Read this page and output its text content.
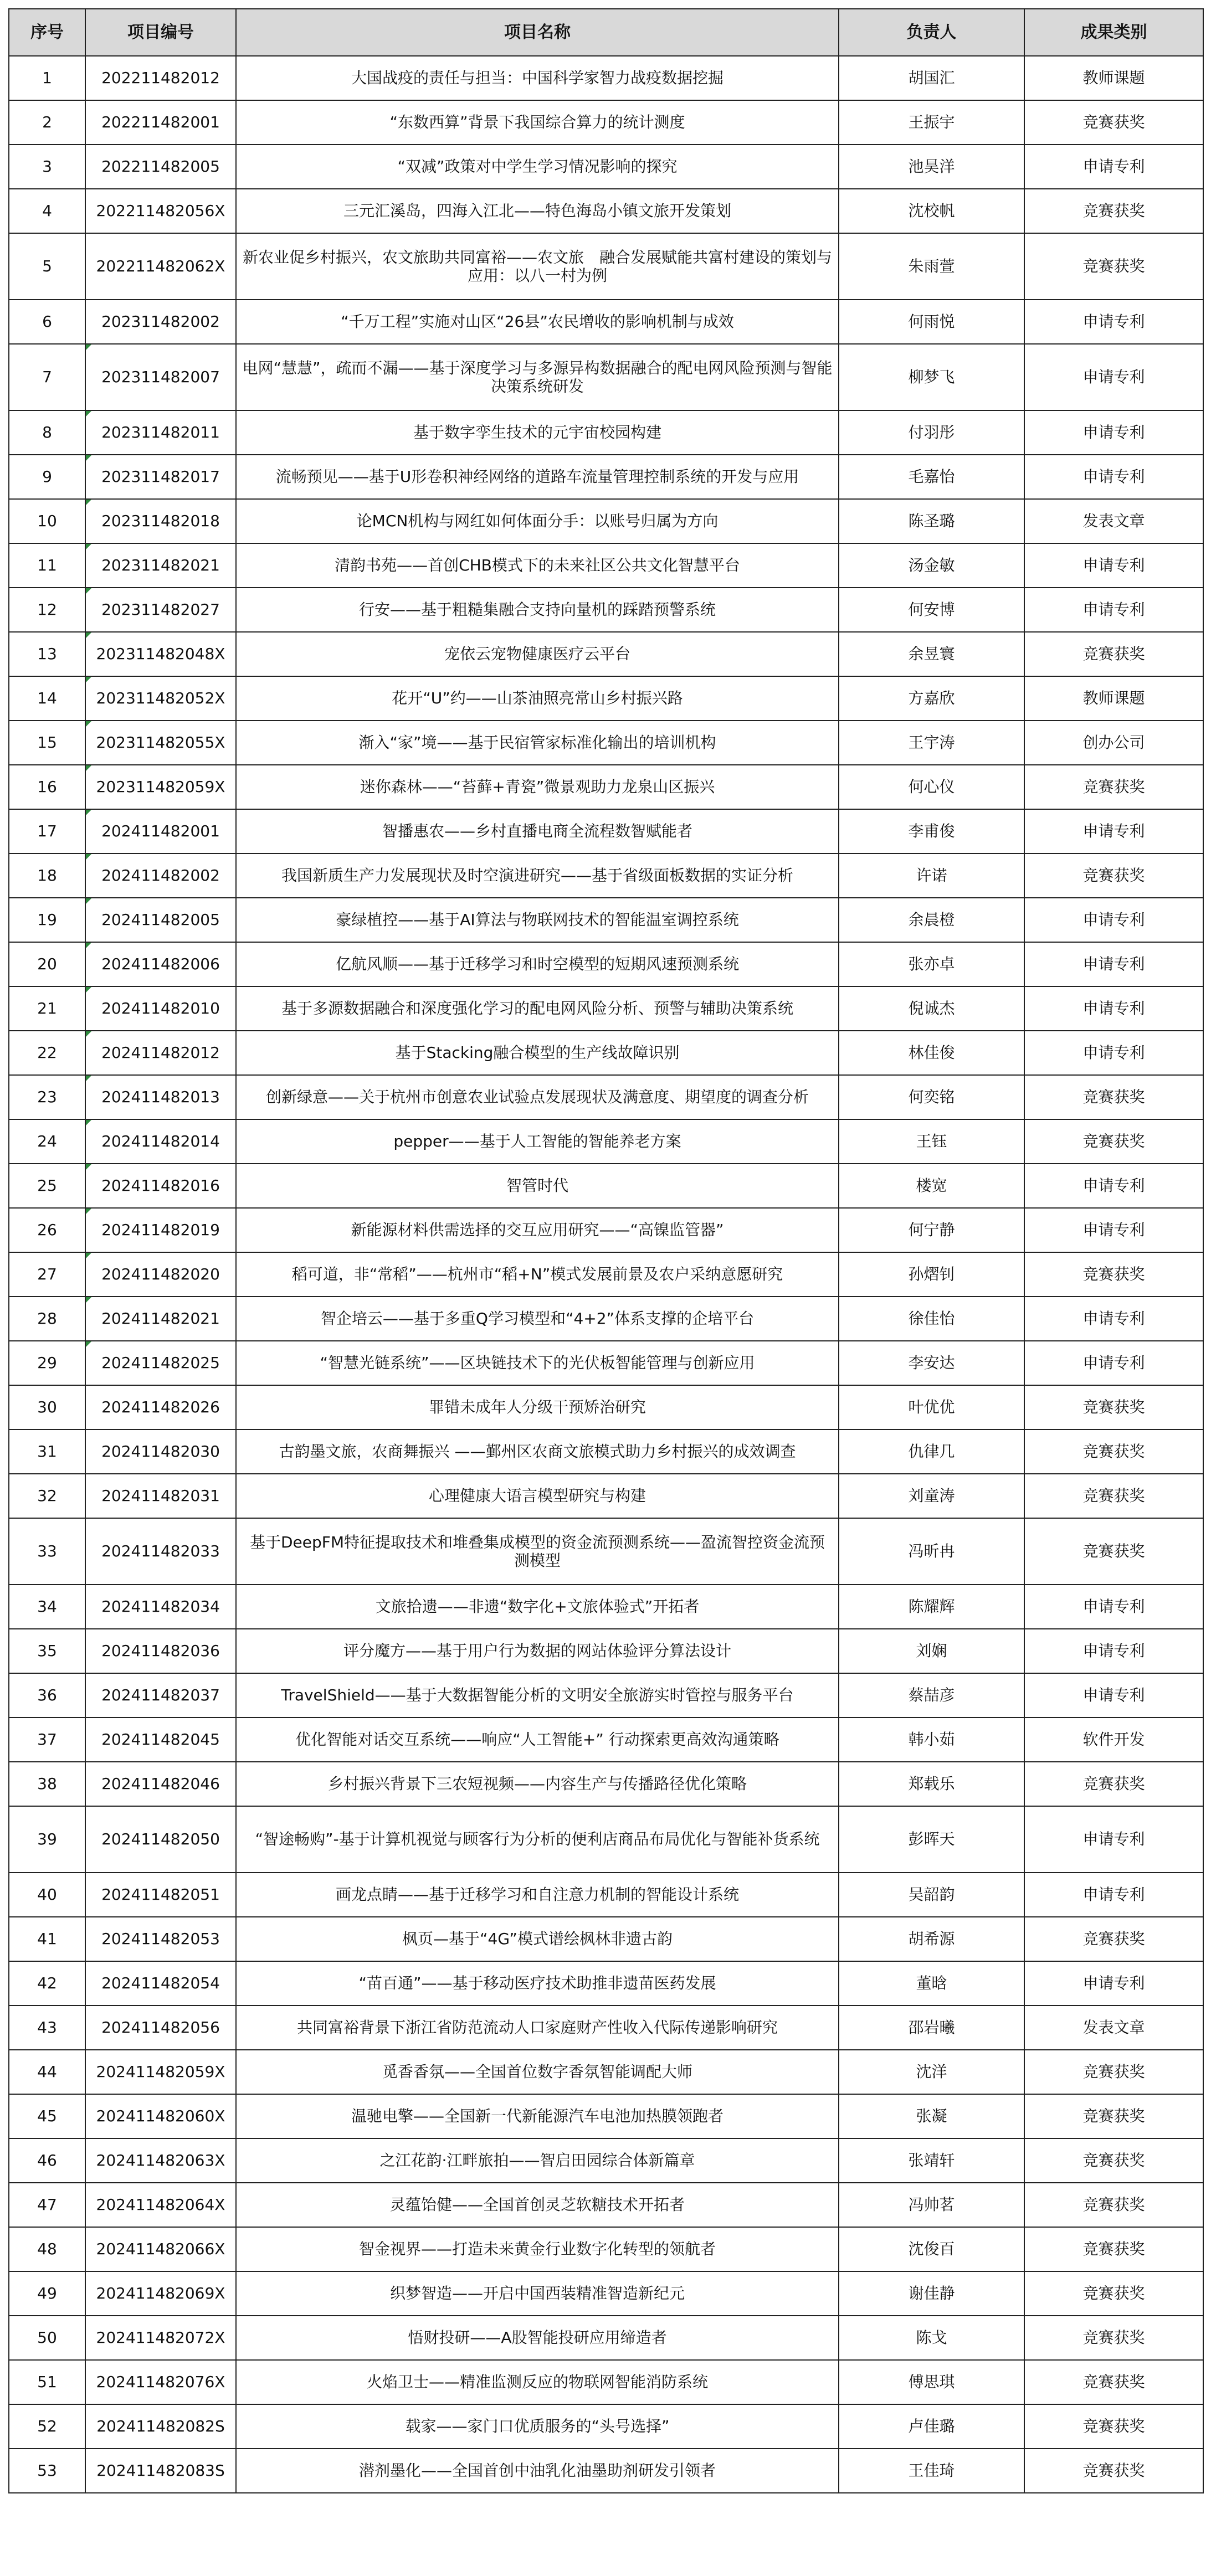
序号	项目编号	项目名称	负责人	成果类别
1	202211482012	大国战疫的责任与担当：中国科学家智力战疫数据挖掘	胡国汇	教师课题
2	202211482001	“东数西算”背景下我国综合算力的统计测度	王振宇	竞赛获奖
3	202211482005	“双减”政策对中学生学习情况影响的探究	池昊洋	申请专利
4	202211482056X	三元汇溪岛，四海入江北——特色海岛小镇文旅开发策划	沈校帆	竞赛获奖
5	202211482062X	新农业促乡村振兴，农文旅助共同富裕——农文旅　融合发展赋能共富村建设的策划与应用：以八一村为例	朱雨萱	竞赛获奖
6	202311482002	“千万工程”实施对山区“26县”农民增收的影响机制与成效	何雨悦	申请专利
7	202311482007	电网“慧慧”，疏而不漏——基于深度学习与多源异构数据融合的配电网风险预测与智能决策系统研发	柳梦飞	申请专利
8	202311482011	基于数字孪生技术的元宇宙校园构建	付羽彤	申请专利
9	202311482017	流畅预见——基于U形卷积神经网络的道路车流量管理控制系统的开发与应用	毛嘉怡	申请专利
10	202311482018	论MCN机构与网红如何体面分手：以账号归属为方向	陈圣璐	发表文章
11	202311482021	清韵书苑——首创CHB模式下的未来社区公共文化智慧平台	汤金敏	申请专利
12	202311482027	行安——基于粗糙集融合支持向量机的踩踏预警系统	何安博	申请专利
13	202311482048X	宠依云宠物健康医疗云平台	余昱寰	竞赛获奖
14	202311482052X	花开“U”约——山茶油照亮常山乡村振兴路	方嘉欣	教师课题
15	202311482055X	渐入“家”境——基于民宿管家标准化输出的培训机构	王宇涛	创办公司
16	202311482059X	迷你森林——“苔藓+青瓷”微景观助力龙泉山区振兴	何心仪	竞赛获奖
17	202411482001	智播惠农——乡村直播电商全流程数智赋能者	李甫俊	申请专利
18	202411482002	我国新质生产力发展现状及时空演进研究——基于省级面板数据的实证分析	许诺	竞赛获奖
19	202411482005	豪绿植控——基于AI算法与物联网技术的智能温室调控系统	余晨橙	申请专利
20	202411482006	亿航风顺——基于迁移学习和时空模型的短期风速预测系统	张亦卓	申请专利
21	202411482010	基于多源数据融合和深度强化学习的配电网风险分析、预警与辅助决策系统	倪诚杰	申请专利
22	202411482012	基于Stacking融合模型的生产线故障识别	林佳俊	申请专利
23	202411482013	创新绿意——关于杭州市创意农业试验点发展现状及满意度、期望度的调查分析	何奕铭	竞赛获奖
24	202411482014	pepper——基于人工智能的智能养老方案	王钰	竞赛获奖
25	202411482016	智管时代	楼宽	申请专利
26	202411482019	新能源材料供需选择的交互应用研究——“高镍监管器”	何宁静	申请专利
27	202411482020	稻可道，非“常稻”——杭州市“稻+N”模式发展前景及农户采纳意愿研究	孙熠钊	竞赛获奖
28	202411482021	智企培云——基于多重Q学习模型和“4+2”体系支撑的企培平台	徐佳怡	申请专利
29	202411482025	“智慧光链系统”——区块链技术下的光伏板智能管理与创新应用	李安达	申请专利
30	202411482026	罪错未成年人分级干预矫治研究	叶优优	竞赛获奖
31	202411482030	古韵墨文旅，农商舞振兴 ——鄞州区农商文旅模式助力乡村振兴的成效调查	仇律几	竞赛获奖
32	202411482031	心理健康大语言模型研究与构建	刘童涛	竞赛获奖
33	202411482033	基于DeepFM特征提取技术和堆叠集成模型的资金流预测系统——盈流智控资金流预测模型	冯昕冉	竞赛获奖
34	202411482034	文旅拾遗——非遗“数字化+文旅体验式”开拓者	陈耀辉	申请专利
35	202411482036	评分魔方——基于用户行为数据的网站体验评分算法设计	刘娴	申请专利
36	202411482037	TravelShield——基于大数据智能分析的文明安全旅游实时管控与服务平台	蔡喆彦	申请专利
37	202411482045	优化智能对话交互系统——响应“人工智能+” 行动探索更高效沟通策略	韩小茹	软件开发
38	202411482046	乡村振兴背景下三农短视频——内容生产与传播路径优化策略	郑载乐	竞赛获奖
39	202411482050	“智途畅购”-基于计算机视觉与顾客行为分析的便利店商品布局优化与智能补货系统	彭晖天	申请专利
40	202411482051	画龙点睛——基于迁移学习和自注意力机制的智能设计系统	吴韶韵	申请专利
41	202411482053	枫页—基于“4G”模式谱绘枫林非遗古韵	胡希源	竞赛获奖
42	202411482054	“苗百通”——基于移动医疗技术助推非遗苗医药发展	董晗	申请专利
43	202411482056	共同富裕背景下浙江省防范流动人口家庭财产性收入代际传递影响研究	邵岩曦	发表文章
44	202411482059X	觅香香氛——全国首位数字香氛智能调配大师	沈洋	竞赛获奖
45	202411482060X	温驰电擎——全国新一代新能源汽车电池加热膜领跑者	张凝	竞赛获奖
46	202411482063X	之江花韵·江畔旅拍——智启田园综合体新篇章	张靖轩	竞赛获奖
47	202411482064X	灵蕴饴健——全国首创灵芝软糖技术开拓者	冯帅茗	竞赛获奖
48	202411482066X	智金视界——打造未来黄金行业数字化转型的领航者	沈俊百	竞赛获奖
49	202411482069X	织梦智造——开启中国西装精准智造新纪元	谢佳静	竞赛获奖
50	202411482072X	悟财投研——A股智能投研应用缔造者	陈戈	竞赛获奖
51	202411482076X	火焰卫士——精准监测反应的物联网智能消防系统	傅思琪	竞赛获奖
52	202411482082S	载家——家门口优质服务的“头号选择”	卢佳璐	竞赛获奖
53	202411482083S	潜剂墨化——全国首创中油乳化油墨助剂研发引领者	王佳琦	竞赛获奖
